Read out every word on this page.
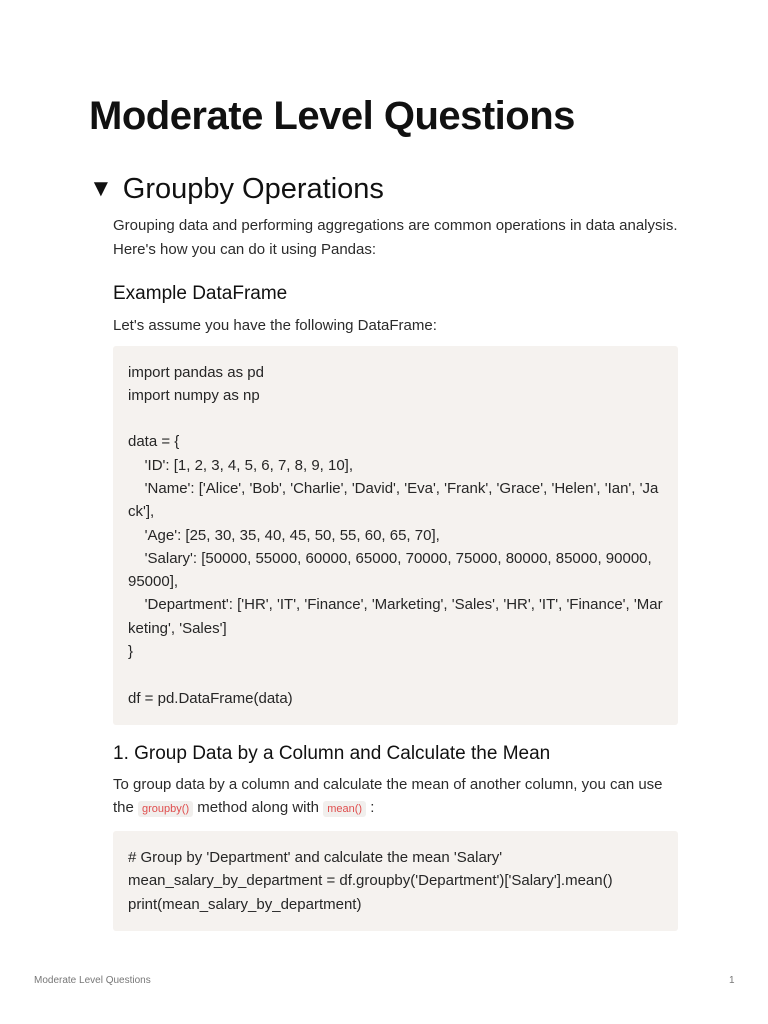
Moderate Level Questions
▼ Groupby Operations

Grouping data and performing aggregations are common operations in data analysis. Here's how you can do it using Pandas:

Example DataFrame

Let's assume you have the following DataFrame:

import pandas as pd
import numpy as np

data = {
'ID': [1, 2, 3, 4, 5, 6, 7, 8, 9, 10],
'Name': ['Alice', 'Bob', 'Charlie', 'David', 'Eva', 'Frank', 'Grace', 'Helen', 'Ian', 'Jack'],
'Age': [25, 30, 35, 40, 45, 50, 55, 60, 65, 70],
'Salary': [50000, 55000, 60000, 65000, 70000, 75000, 80000, 85000, 90000, 95000],
'Department': ['HR', 'IT', 'Finance', 'Marketing', 'Sales', 'HR', 'IT', 'Finance', 'Marketing', 'Sales']
}

df = pd.DataFrame(data)
1. Group Data by a Column and Calculate the Mean

To group data by a column and calculate the mean of another column, you can use the groupby() method along with mean() :

# Group by 'Department' and calculate the mean 'Salary'
mean_salary_by_department = df.groupby('Department')['Salary'].mean()
print(mean_salary_by_department)
Moderate Level Questions	1
